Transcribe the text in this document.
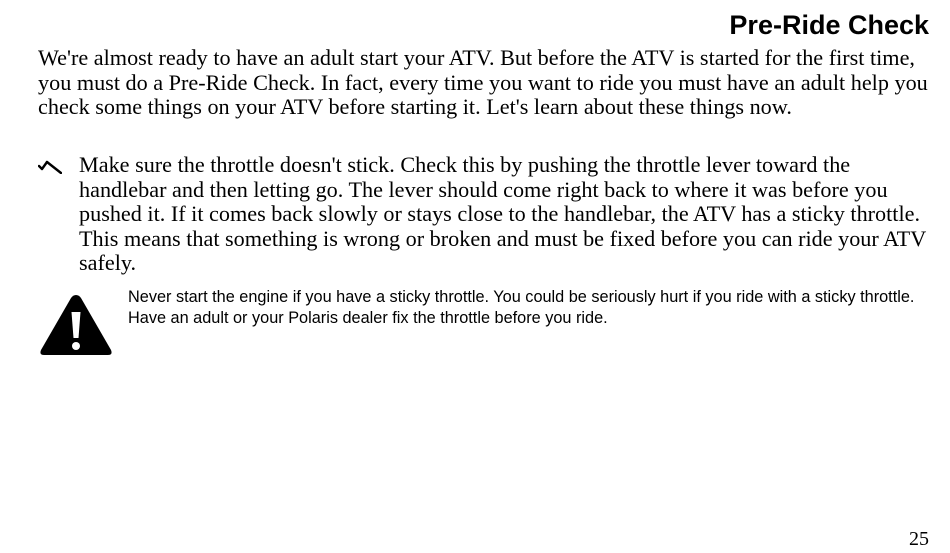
Pre-Ride Check

We're almost ready to have an adult start your ATV. But before the ATV is started for the first time, you must do a Pre-Ride Check. In fact, every time you want to ride you must have an adult help you check some things on your ATV before starting it. Let's learn about these things now.

Make sure the throttle doesn't stick. Check this by pushing the throttle lever toward the handlebar and then letting go. The lever should come right back to where it was before you pushed it. If it comes back slowly or stays close to the handlebar, the ATV has a sticky throttle. This means that something is wrong or broken and must be fixed before you can ride your ATV safely.

Never start the engine if you have a sticky throttle. You could be seriously hurt if you ride with a sticky throttle. Have an adult or your Polaris dealer fix the throttle before you ride.

25
